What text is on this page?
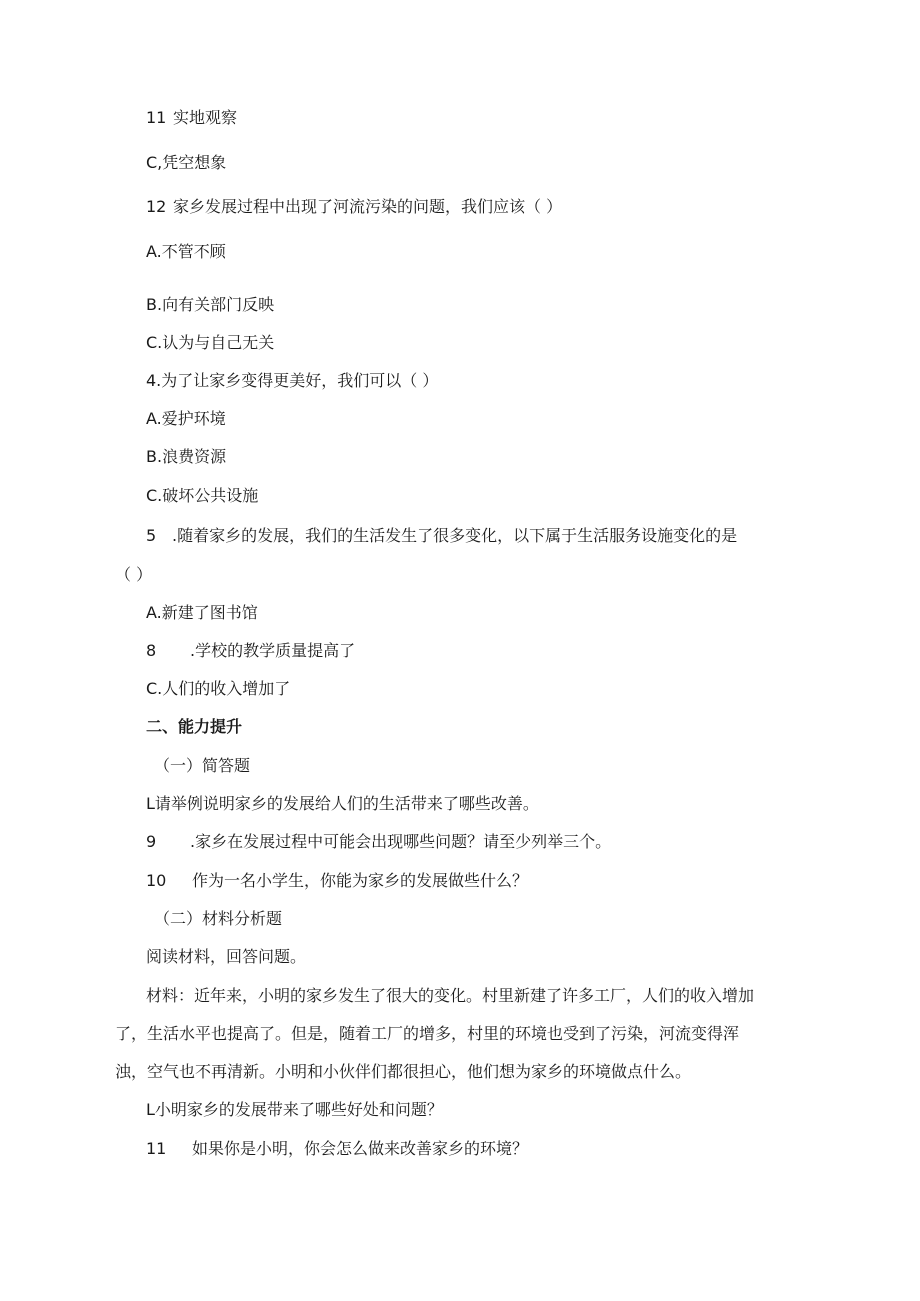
11 实地观察
C,凭空想象
12 家乡发展过程中出现了河流污染的问题，我们应该（ ）
A.不管不顾
B.向有关部门反映
C.认为与自己无关
4.为了让家乡变得更美好，我们可以（ ）
A.爱护环境
B.浪费资源
C.破坏公共设施
5 .随着家乡的发展，我们的生活发生了很多变化，以下属于生活服务设施变化的是
（ ）
A.新建了图书馆
8 .学校的教学质量提高了
C.人们的收入增加了
二、能力提升
（一）简答题
L请举例说明家乡的发展给人们的生活带来了哪些改善。
9 .家乡在发展过程中可能会出现哪些问题？请至少列举三个。
10 作为一名小学生，你能为家乡的发展做些什么？
（二）材料分析题
阅读材料，回答问题。
材料：近年来，小明的家乡发生了很大的变化。村里新建了许多工厂，人们的收入增加
了，生活水平也提高了。但是，随着工厂的增多，村里的环境也受到了污染，河流变得浑
浊，空气也不再清新。小明和小伙伴们都很担心，他们想为家乡的环境做点什么。
L小明家乡的发展带来了哪些好处和问题？
11 如果你是小明，你会怎么做来改善家乡的环境？
